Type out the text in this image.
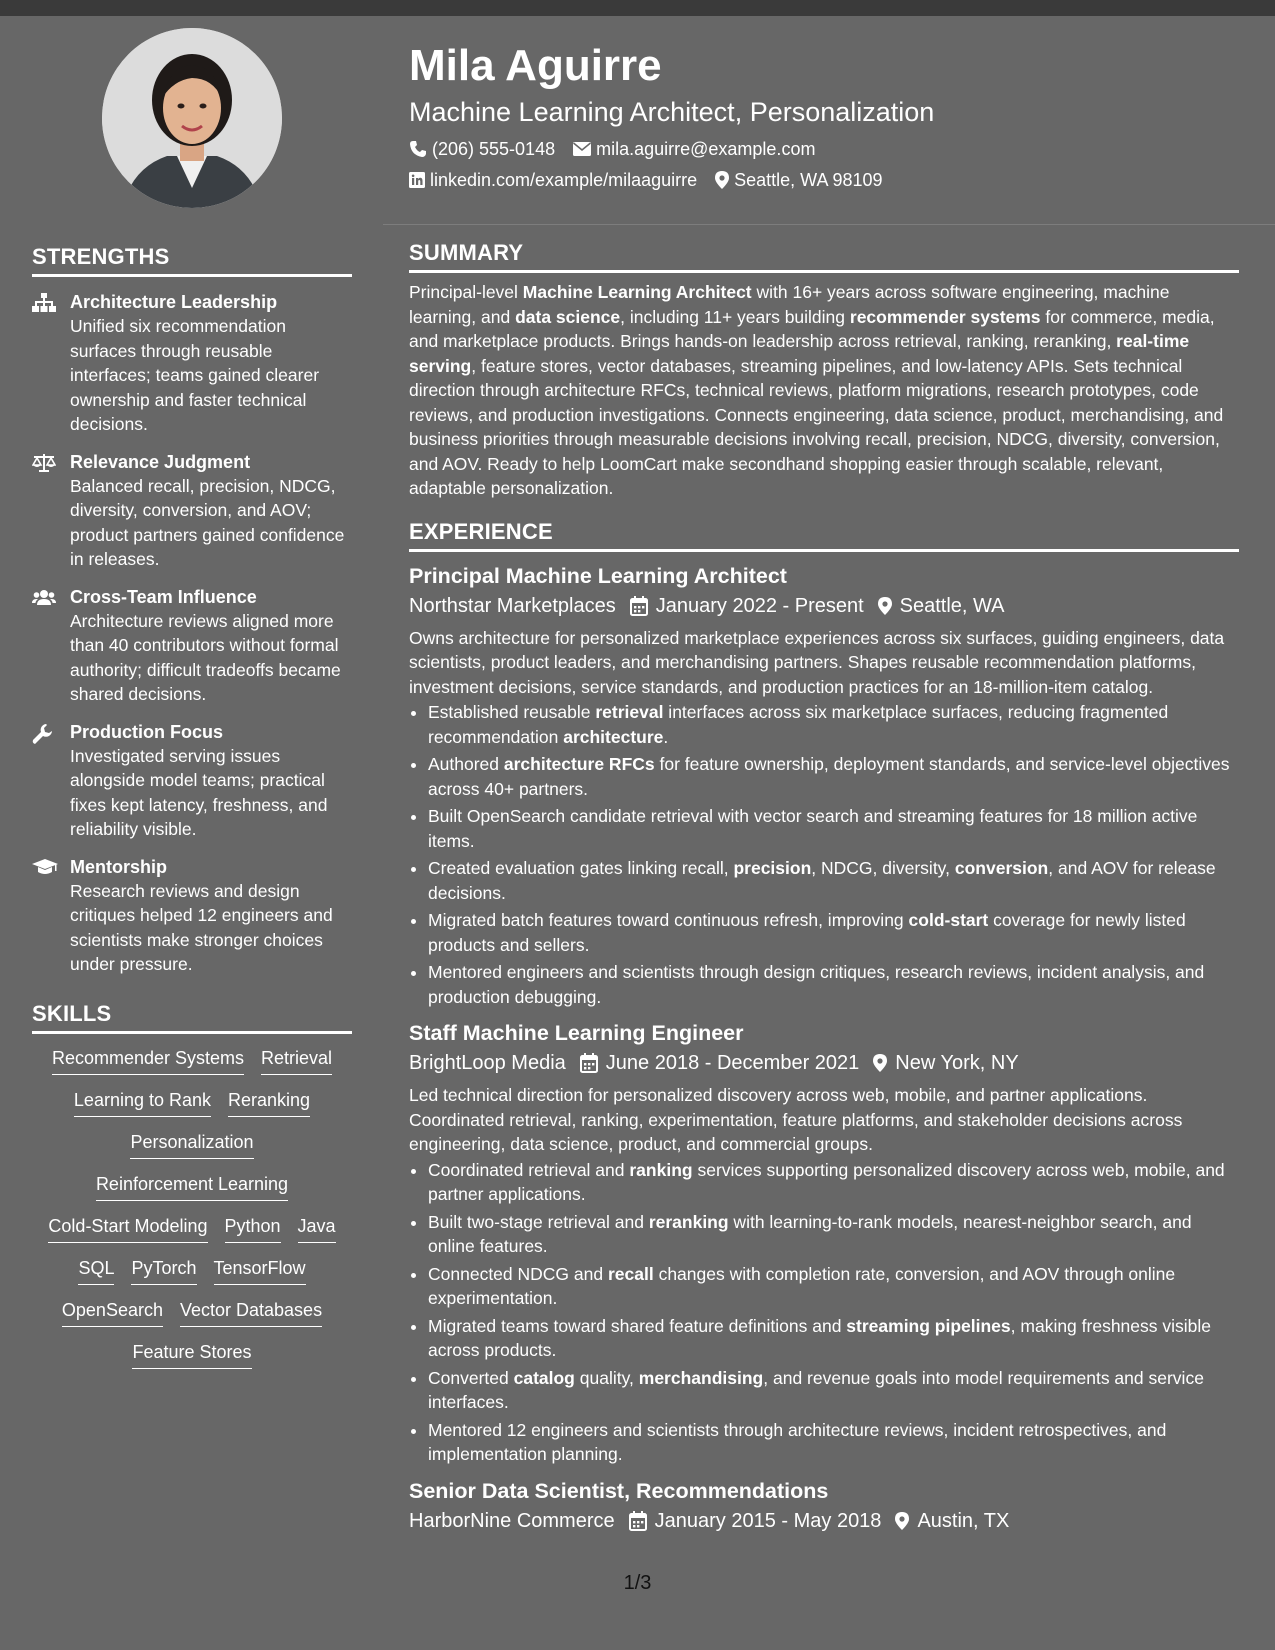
STRENGTHS
Architecture Leadership
Unified six recommendation surfaces through reusable interfaces; teams gained clearer ownership and faster technical decisions.
Relevance Judgment
Balanced recall, precision, NDCG, diversity, conversion, and AOV; product partners gained confidence in releases.
Cross-Team Influence
Architecture reviews aligned more than 40 contributors without formal authority; difficult tradeoffs became shared decisions.
Production Focus
Investigated serving issues alongside model teams; practical fixes kept latency, freshness, and reliability visible.
Mentorship
Research reviews and design critiques helped 12 engineers and scientists make stronger choices under pressure.
SKILLS
Recommender Systems Retrieval
Learning to Rank Reranking
Personalization
Reinforcement Learning
Cold-Start Modeling Python Java
SQL PyTorch TensorFlow
OpenSearch Vector Databases
Feature Stores
Mila Aguirre
Machine Learning Architect, Personalization
(206) 555-0148 mila.aguirre@example.com
linkedin.com/example/milaaguirre Seattle, WA 98109
SUMMARY

Principal-level Machine Learning Architect with 16+ years across software engineering, machine learning, and data science, including 11+ years building recommender systems for commerce, media, and marketplace products. Brings hands-on leadership across retrieval, ranking, reranking, real-time serving, feature stores, vector databases, streaming pipelines, and low-latency APIs. Sets technical direction through architecture RFCs, technical reviews, platform migrations, research prototypes, code reviews, and production investigations. Connects engineering, data science, product, merchandising, and business priorities through measurable decisions involving recall, precision, NDCG, diversity, conversion, and AOV. Ready to help LoomCart make secondhand shopping easier through scalable, relevant, adaptable personalization.

EXPERIENCE
Principal Machine Learning Architect
Northstar Marketplaces January 2022 - Present Seattle, WA

Owns architecture for personalized marketplace experiences across six surfaces, guiding engineers, data scientists, product leaders, and merchandising partners. Shapes reusable recommendation platforms, investment decisions, service standards, and production practices for an 18-million-item catalog.

• Established reusable retrieval interfaces across six marketplace surfaces, reducing fragmented recommendation architecture.
• Authored architecture RFCs for feature ownership, deployment standards, and service-level objectives across 40+ partners.
• Built OpenSearch candidate retrieval with vector search and streaming features for 18 million active items.
• Created evaluation gates linking recall, precision, NDCG, diversity, conversion, and AOV for release decisions.
• Migrated batch features toward continuous refresh, improving cold-start coverage for newly listed products and sellers.
• Mentored engineers and scientists through design critiques, research reviews, incident analysis, and production debugging.
Staff Machine Learning Engineer
BrightLoop Media June 2018 - December 2021 New York, NY

Led technical direction for personalized discovery across web, mobile, and partner applications. Coordinated retrieval, ranking, experimentation, feature platforms, and stakeholder decisions across engineering, data science, product, and commercial groups.

• Coordinated retrieval and ranking services supporting personalized discovery across web, mobile, and partner applications.
• Built two-stage retrieval and reranking with learning-to-rank models, nearest-neighbor search, and online features.
• Connected NDCG and recall changes with completion rate, conversion, and AOV through online experimentation.
• Migrated teams toward shared feature definitions and streaming pipelines, making freshness visible across products.
• Converted catalog quality, merchandising, and revenue goals into model requirements and service interfaces.
• Mentored 12 engineers and scientists through architecture reviews, incident retrospectives, and implementation planning.
Senior Data Scientist, Recommendations
HarborNine Commerce January 2015 - May 2018 Austin, TX
1/3
